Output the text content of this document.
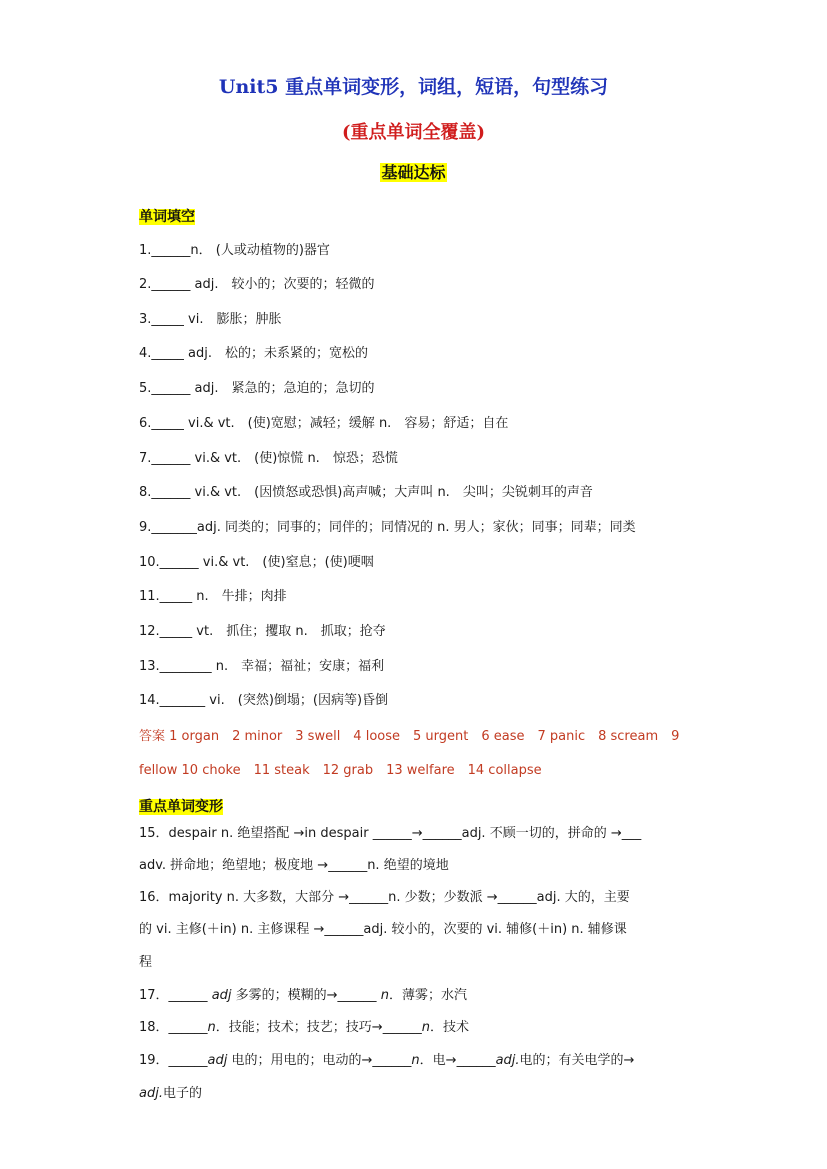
Unit5 重点单词变形，词组，短语，句型练习
(重点单词全覆盖)
基础达标
单词填空
1.______n． (人或动植物的)器官
2.______ adj.　较小的；次要的；轻微的
3._____ vi.　膨胀；肿胀
4._____ adj.　松的；未系紧的；宽松的
5.______ adj.　紧急的；急迫的；急切的
6._____ vi.& vt.　(使)宽慰；减轻；缓解 n.　容易；舒适；自在
7.______ vi.& vt.　(使)惊慌 n.　惊恐；恐慌
8.______ vi.& vt.　(因愤怒或恐惧)高声喊；大声叫 n.　尖叫；尖锐刺耳的声音
9._______adj. 同类的；同事的；同伴的；同情况的 n. 男人；家伙；同事；同辈；同类
10.______ vi.& vt.　(使)窒息；(使)哽咽
11._____ n.　牛排；肉排
12._____ vt.　抓住；攫取 n.　抓取；抢夺
13.________ n.　幸福；福祉；安康；福利
14._______ vi.　(突然)倒塌；(因病等)昏倒
答案 1 organ　2 minor　3 swell　4 loose　5 urgent　6 ease　7 panic　8 scream　9
fellow 10 choke　11 steak　12 grab　13 welfare　14 collapse
重点单词变形
15．despair n. 绝望搭配 →in despair ______→______adj. 不顾一切的，拼命的 →___
adv. 拼命地；绝望地；极度地 →______n. 绝望的境地
16．majority n. 大多数，大部分 →______n. 少数；少数派 →______adj. 大的，主要
的 vi. 主修(＋in) n. 主修课程 →______adj. 较小的，次要的 vi. 辅修(＋in) n. 辅修课
程
17．______ adj 多雾的；模糊的→______ n．薄雾；水汽
18．______n．技能；技术；技艺；技巧→______n．技术
19．______adj 电的；用电的；电动的→______n．电→______adj.电的；有关电学的→
adj.电子的
